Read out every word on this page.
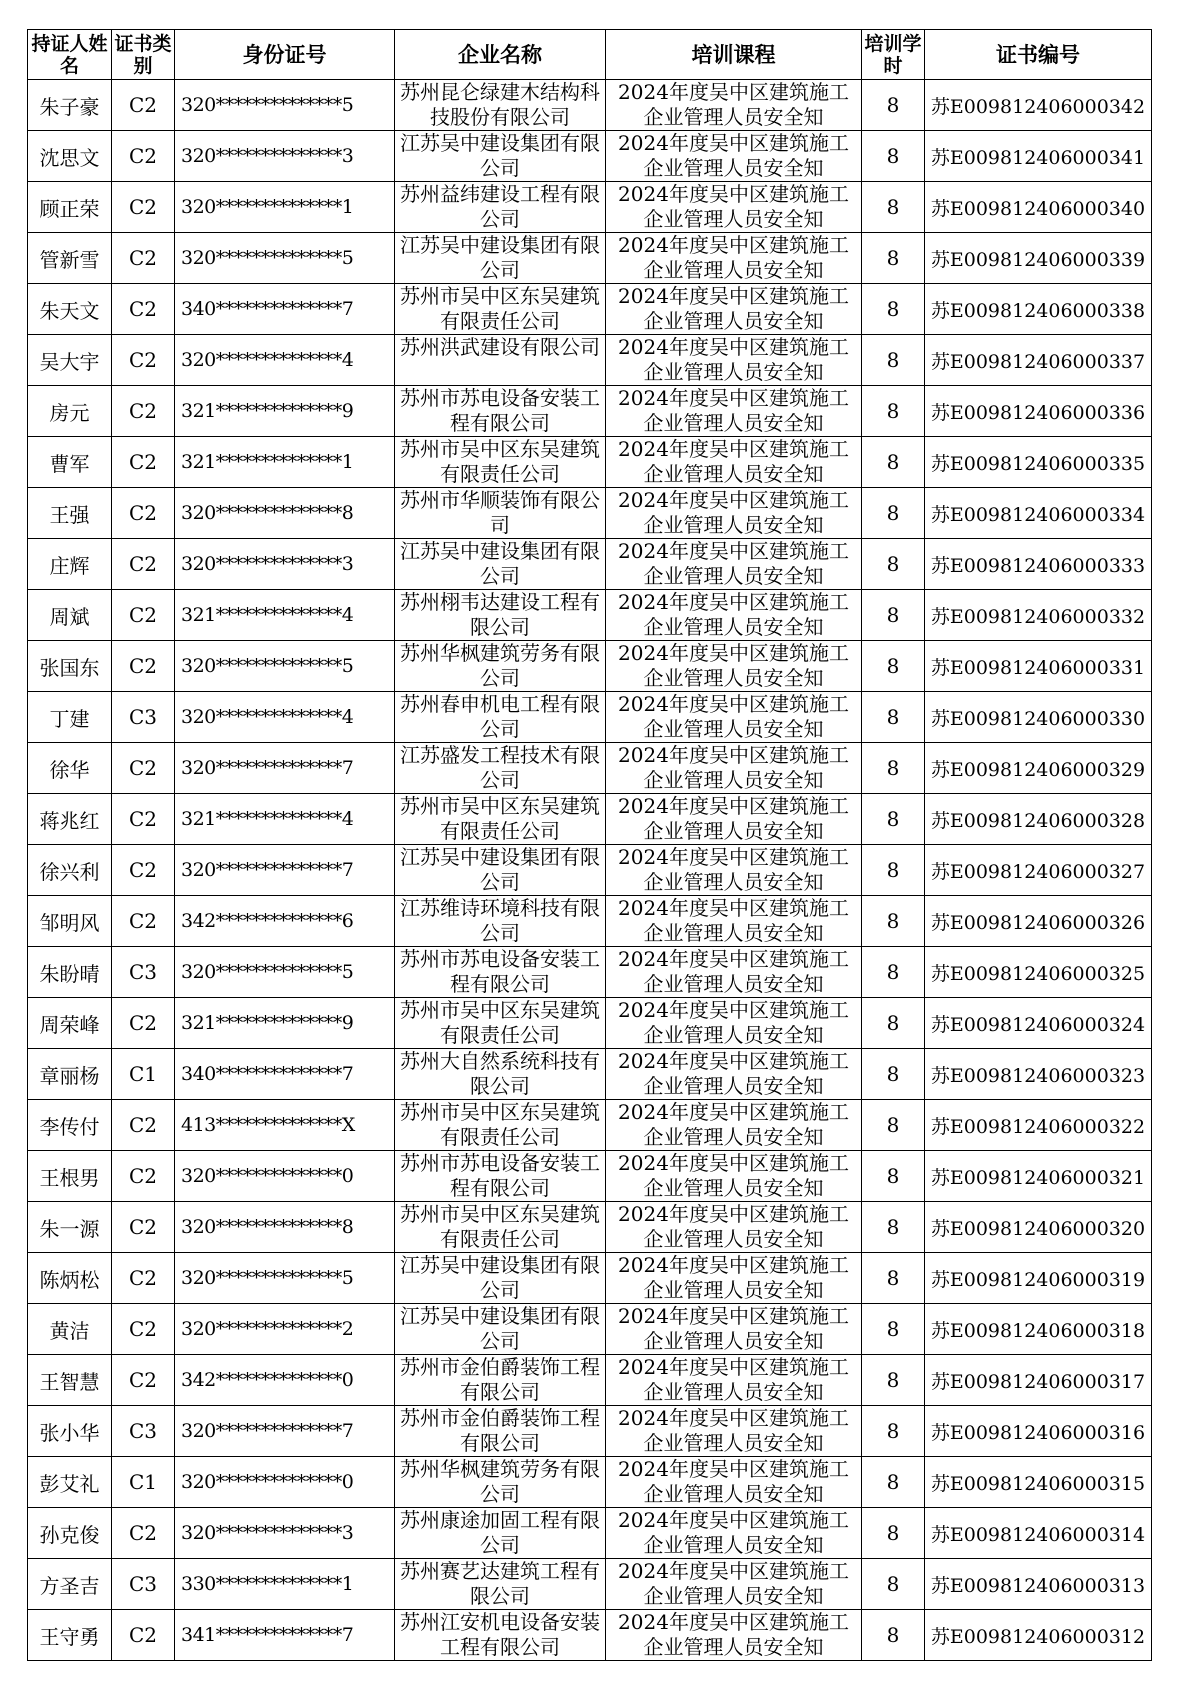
持证人姓名	证书类别	身份证号	企业名称	培训课程	培训学时	证书编号
朱子豪	C2	320**************5	苏州昆仑绿建木结构科技股份有限公司	2024年度吴中区建筑施工企业管理人员安全知	8	苏E009812406000342
沈思文	C2	320**************3	江苏吴中建设集团有限公司	2024年度吴中区建筑施工企业管理人员安全知	8	苏E009812406000341
顾正荣	C2	320**************1	苏州益纬建设工程有限公司	2024年度吴中区建筑施工企业管理人员安全知	8	苏E009812406000340
管新雪	C2	320**************5	江苏吴中建设集团有限公司	2024年度吴中区建筑施工企业管理人员安全知	8	苏E009812406000339
朱天文	C2	340**************7	苏州市吴中区东吴建筑有限责任公司	2024年度吴中区建筑施工企业管理人员安全知	8	苏E009812406000338
吴大宇	C2	320**************4	苏州洪武建设有限公司	2024年度吴中区建筑施工企业管理人员安全知	8	苏E009812406000337
房元	C2	321**************9	苏州市苏电设备安装工程有限公司	2024年度吴中区建筑施工企业管理人员安全知	8	苏E009812406000336
曹军	C2	321**************1	苏州市吴中区东吴建筑有限责任公司	2024年度吴中区建筑施工企业管理人员安全知	8	苏E009812406000335
王强	C2	320**************8	苏州市华顺装饰有限公司	2024年度吴中区建筑施工企业管理人员安全知	8	苏E009812406000334
庄辉	C2	320**************3	江苏吴中建设集团有限公司	2024年度吴中区建筑施工企业管理人员安全知	8	苏E009812406000333
周斌	C2	321**************4	苏州栩韦达建设工程有限公司	2024年度吴中区建筑施工企业管理人员安全知	8	苏E009812406000332
张国东	C2	320**************5	苏州华枫建筑劳务有限公司	2024年度吴中区建筑施工企业管理人员安全知	8	苏E009812406000331
丁建	C3	320**************4	苏州春申机电工程有限公司	2024年度吴中区建筑施工企业管理人员安全知	8	苏E009812406000330
徐华	C2	320**************7	江苏盛发工程技术有限公司	2024年度吴中区建筑施工企业管理人员安全知	8	苏E009812406000329
蒋兆红	C2	321**************4	苏州市吴中区东吴建筑有限责任公司	2024年度吴中区建筑施工企业管理人员安全知	8	苏E009812406000328
徐兴利	C2	320**************7	江苏吴中建设集团有限公司	2024年度吴中区建筑施工企业管理人员安全知	8	苏E009812406000327
邹明风	C2	342**************6	江苏维诗环境科技有限公司	2024年度吴中区建筑施工企业管理人员安全知	8	苏E009812406000326
朱盼晴	C3	320**************5	苏州市苏电设备安装工程有限公司	2024年度吴中区建筑施工企业管理人员安全知	8	苏E009812406000325
周荣峰	C2	321**************9	苏州市吴中区东吴建筑有限责任公司	2024年度吴中区建筑施工企业管理人员安全知	8	苏E009812406000324
章丽杨	C1	340**************7	苏州大自然系统科技有限公司	2024年度吴中区建筑施工企业管理人员安全知	8	苏E009812406000323
李传付	C2	413**************X	苏州市吴中区东吴建筑有限责任公司	2024年度吴中区建筑施工企业管理人员安全知	8	苏E009812406000322
王根男	C2	320**************0	苏州市苏电设备安装工程有限公司	2024年度吴中区建筑施工企业管理人员安全知	8	苏E009812406000321
朱一源	C2	320**************8	苏州市吴中区东吴建筑有限责任公司	2024年度吴中区建筑施工企业管理人员安全知	8	苏E009812406000320
陈炳松	C2	320**************5	江苏吴中建设集团有限公司	2024年度吴中区建筑施工企业管理人员安全知	8	苏E009812406000319
黄洁	C2	320**************2	江苏吴中建设集团有限公司	2024年度吴中区建筑施工企业管理人员安全知	8	苏E009812406000318
王智慧	C2	342**************0	苏州市金伯爵装饰工程有限公司	2024年度吴中区建筑施工企业管理人员安全知	8	苏E009812406000317
张小华	C3	320**************7	苏州市金伯爵装饰工程有限公司	2024年度吴中区建筑施工企业管理人员安全知	8	苏E009812406000316
彭艾礼	C1	320**************0	苏州华枫建筑劳务有限公司	2024年度吴中区建筑施工企业管理人员安全知	8	苏E009812406000315
孙克俊	C2	320**************3	苏州康途加固工程有限公司	2024年度吴中区建筑施工企业管理人员安全知	8	苏E009812406000314
方圣吉	C3	330**************1	苏州赛艺达建筑工程有限公司	2024年度吴中区建筑施工企业管理人员安全知	8	苏E009812406000313
王守勇	C2	341**************7	苏州江安机电设备安装工程有限公司	2024年度吴中区建筑施工企业管理人员安全知	8	苏E009812406000312
